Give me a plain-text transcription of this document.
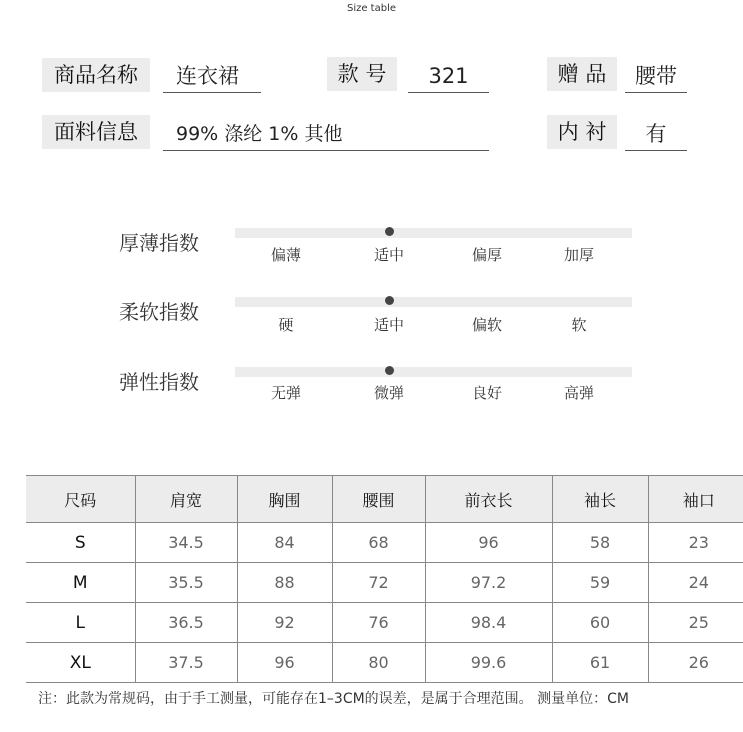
Size table
商品名称	连衣裙	款 号	321	赠 品	腰带
面料信息	99% 涤纶 1% 其他	内 衬	有
厚薄指数	偏薄	适中	偏厚	加厚
柔软指数
硬	适中	偏软	软
弹性指数	无弹	微弹	良好	高弹
尺码	肩宽	胸围	腰围	前衣长	袖长	袖口
S	34.5	84	68	96	58	23
M	35.5	88	72	97.2	59	24
L	36.5	92	76	98.4	60	25
XL	37.5	96	80	99.6	61	26
注：此款为常规码，由于手工测量，可能存在1–3CM的误差，是属于合理范围。 测量单位：CM
